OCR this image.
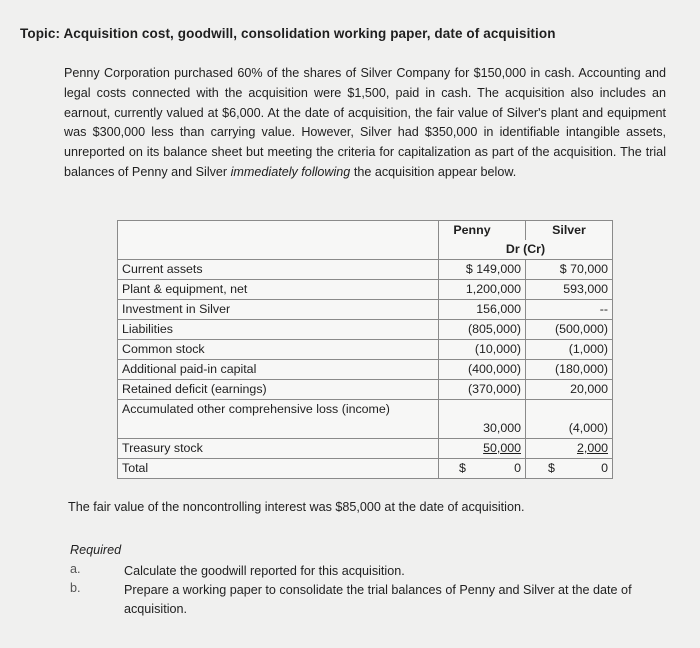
Topic: Acquisition cost, goodwill, consolidation working paper, date of acquisition
Penny Corporation purchased 60% of the shares of Silver Company for $150,000 in cash. Accounting and legal costs connected with the acquisition were $1,500, paid in cash. The acquisition also includes an earnout, currently valued at $6,000. At the date of acquisition, the fair value of Silver's plant and equipment was $300,000 less than carrying value. However, Silver had $350,000 in identifiable intangible assets, unreported on its balance sheet but meeting the criteria for capitalization as part of the acquisition. The trial balances of Penny and Silver immediately following the acquisition appear below.
	Penny	Silver
	Dr (Cr)	
Current assets	$ 149,000	$ 70,000
Plant & equipment, net	1,200,000	593,000
Investment in Silver	156,000	--
Liabilities	(805,000)	(500,000)
Common stock	(10,000)	(1,000)
Additional paid-in capital	(400,000)	(180,000)
Retained deficit (earnings)	(370,000)	20,000
Accumulated other comprehensive loss (income)	30,000	(4,000)
Treasury stock	50,000	2,000
Total	$ 0	$ 0
The fair value of the noncontrolling interest was $85,000 at the date of acquisition.
Required
a.	Calculate the goodwill reported for this acquisition.
b.	Prepare a working paper to consolidate the trial balances of Penny and Silver at the date of acquisition.
